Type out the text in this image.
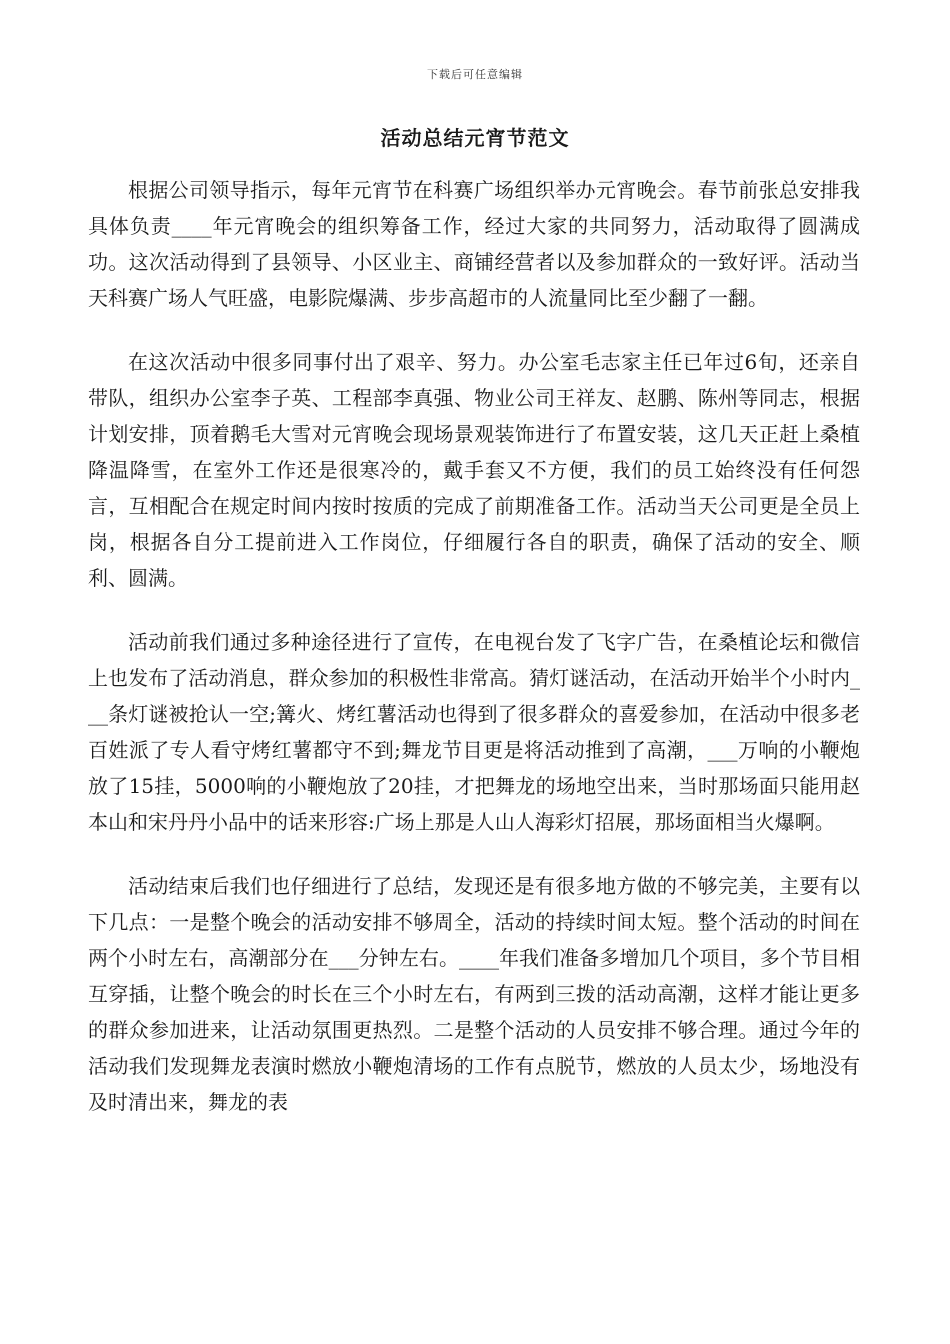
下载后可任意编辑
活动总结元宵节范文

根据公司领导指示，每年元宵节在科赛广场组织举办元宵晚会。春节前张总安排我具体负责____年元宵晚会的组织筹备工作，经过大家的共同努力，活动取得了圆满成功。这次活动得到了县领导、小区业主、商铺经营者以及参加群众的一致好评。活动当天科赛广场人气旺盛，电影院爆满、步步高超市的人流量同比至少翻了一翻。

在这次活动中很多同事付出了艰辛、努力。办公室毛志家主任已年过6旬，还亲自带队，组织办公室李子英、工程部李真强、物业公司王祥友、赵鹏、陈州等同志，根据计划安排，顶着鹅毛大雪对元宵晚会现场景观装饰进行了布置安装，这几天正赶上桑植降温降雪，在室外工作还是很寒冷的，戴手套又不方便，我们的员工始终没有任何怨言，互相配合在规定时间内按时按质的完成了前期准备工作。活动当天公司更是全员上岗，根据各自分工提前进入工作岗位，仔细履行各自的职责，确保了活动的安全、顺利、圆满。

活动前我们通过多种途径进行了宣传，在电视台发了飞字广告，在桑植论坛和微信上也发布了活动消息，群众参加的积极性非常高。猜灯谜活动，在活动开始半个小时内___条灯谜被抢认一空;篝火、烤红薯活动也得到了很多群众的喜爱参加，在活动中很多老百姓派了专人看守烤红薯都守不到;舞龙节目更是将活动推到了高潮，___万响的小鞭炮放了15挂，5000响的小鞭炮放了20挂，才把舞龙的场地空出来，当时那场面只能用赵本山和宋丹丹小品中的话来形容:广场上那是人山人海彩灯招展，那场面相当火爆啊。

活动结束后我们也仔细进行了总结，发现还是有很多地方做的不够完美，主要有以下几点：一是整个晚会的活动安排不够周全，活动的持续时间太短。整个活动的时间在两个小时左右，高潮部分在___分钟左右。____年我们准备多增加几个项目，多个节目相互穿插，让整个晚会的时长在三个小时左右，有两到三拨的活动高潮，这样才能让更多的群众参加进来，让活动氛围更热烈。二是整个活动的人员安排不够合理。通过今年的活动我们发现舞龙表演时燃放小鞭炮清场的工作有点脱节，燃放的人员太少，场地没有及时清出来，舞龙的表
